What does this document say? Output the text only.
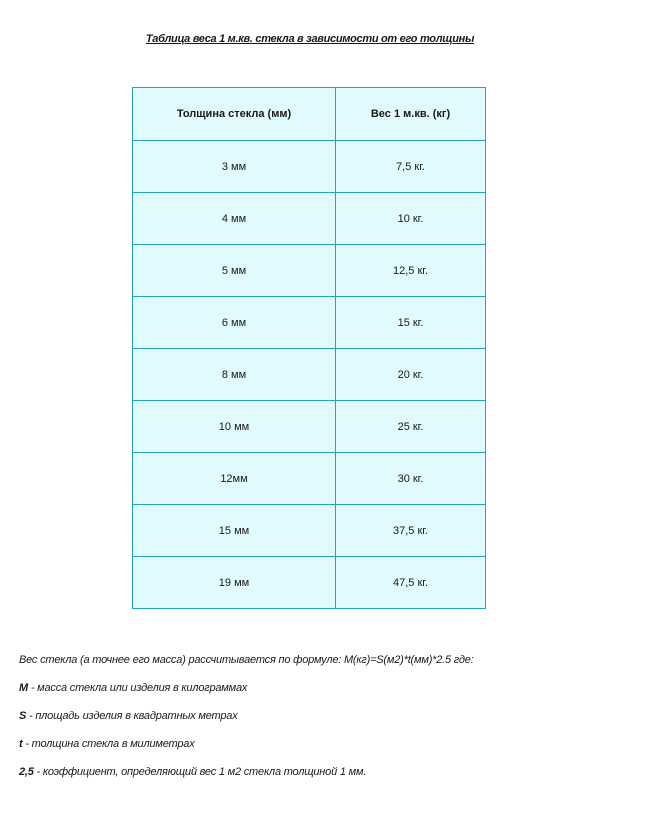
Таблица веса 1 м.кв. стекла в зависимости от его толщины
Толщина стекла (мм)	Вес 1 м.кв. (кг)
3 мм	7,5 кг.
4 мм	10 кг.
5 мм	12,5 кг.
6 мм	15 кг.
8 мм	20 кг.
10 мм	25 кг.
12мм	30 кг.
15 мм	37,5 кг.
19 мм	47,5 кг.

Вес стекла (а точнее его масса) рассчитывается по формуле: М(кг)=S(м2)*t(мм)*2.5 где:

M - масса стекла или изделия в килограммах

S - площадь изделия в квадратных метрах

t - толщина стекла в милиметрах

2,5 - коэффициент, определяющий вес 1 м2 стекла толщиной 1 мм.
